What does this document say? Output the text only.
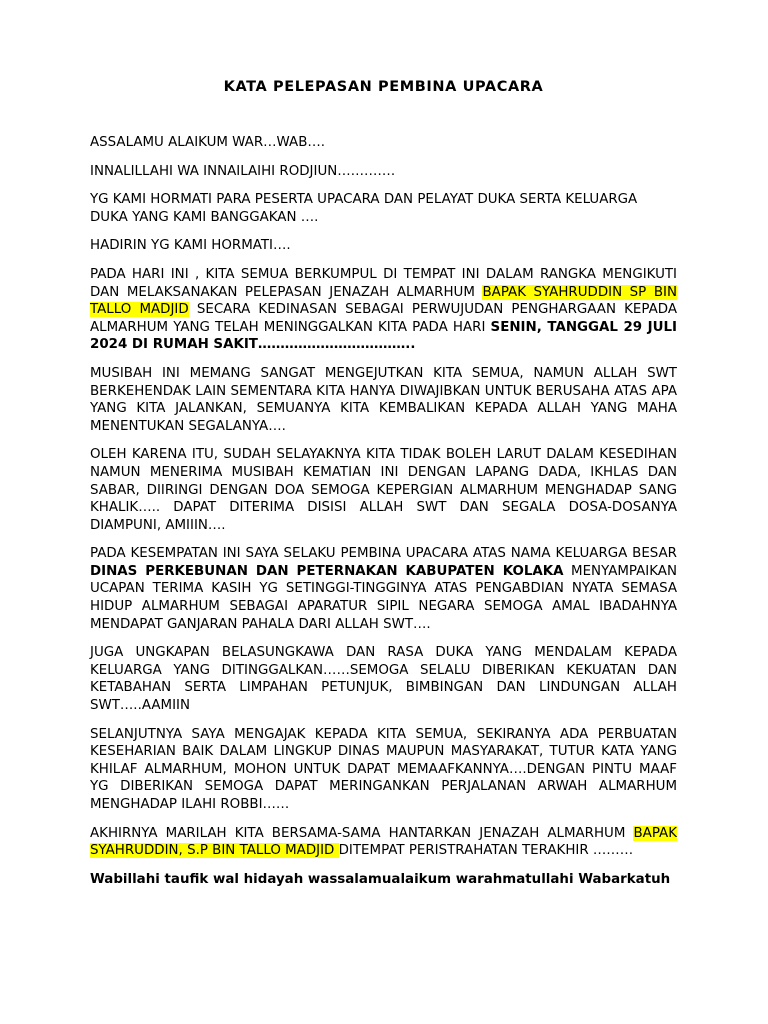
KATA PELEPASAN PEMBINA UPACARA

ASSALAMU ALAIKUM WAR…WAB….

INNALILLAHI WA INNAILAIHI RODJIUN………….

YG KAMI HORMATI PARA PESERTA UPACARA DAN PELAYAT DUKA SERTA KELUARGA DUKA YANG KAMI BANGGAKAN ….

HADIRIN YG KAMI HORMATI….

PADA HARI INI , KITA SEMUA BERKUMPUL DI TEMPAT INI DALAM RANGKA MENGIKUTI DAN MELAKSANAKAN PELEPASAN JENAZAH ALMARHUM BAPAK SYAHRUDDIN SP BIN TALLO MADJID SECARA KEDINASAN SEBAGAI PERWUJUDAN PENGHARGAAN KEPADA ALMARHUM YANG TELAH MENINGGALKAN KITA PADA HARI SENIN, TANGGAL 29 JULI 2024 DI RUMAH SAKIT……………………………..

MUSIBAH INI MEMANG SANGAT MENGEJUTKAN KITA SEMUA, NAMUN ALLAH SWT BERKEHENDAK LAIN SEMENTARA KITA HANYA DIWAJIBKAN UNTUK BERUSAHA ATAS APA YANG KITA JALANKAN, SEMUANYA KITA KEMBALIKAN KEPADA ALLAH YANG MAHA MENENTUKAN SEGALANYA….

OLEH KARENA ITU, SUDAH SELAYAKNYA KITA TIDAK BOLEH LARUT DALAM KESEDIHAN NAMUN MENERIMA MUSIBAH KEMATIAN INI DENGAN LAPANG DADA, IKHLAS DAN SABAR, DIIRINGI DENGAN DOA SEMOGA KEPERGIAN ALMARHUM MENGHADAP SANG KHALIK….. DAPAT DITERIMA DISISI ALLAH SWT DAN SEGALA DOSA-DOSANYA DIAMPUNI, AMIIIN….

PADA KESEMPATAN INI SAYA SELAKU PEMBINA UPACARA ATAS NAMA KELUARGA BESAR DINAS PERKEBUNAN DAN PETERNAKAN KABUPATEN KOLAKA MENYAMPAIKAN UCAPAN TERIMA KASIH YG SETINGGI-TINGGINYA ATAS PENGABDIAN NYATA SEMASA HIDUP ALMARHUM SEBAGAI APARATUR SIPIL NEGARA SEMOGA AMAL IBADAHNYA MENDAPAT GANJARAN PAHALA DARI ALLAH SWT….

JUGA UNGKAPAN BELASUNGKAWA DAN RASA DUKA YANG MENDALAM KEPADA KELUARGA YANG DITINGGALKAN……SEMOGA SELALU DIBERIKAN KEKUATAN DAN KETABAHAN SERTA LIMPAHAN PETUNJUK, BIMBINGAN DAN LINDUNGAN ALLAH SWT…..AAMIIN

SELANJUTNYA SAYA MENGAJAK KEPADA KITA SEMUA, SEKIRANYA ADA PERBUATAN KESEHARIAN BAIK DALAM LINGKUP DINAS MAUPUN MASYARAKAT, TUTUR KATA YANG KHILAF ALMARHUM, MOHON UNTUK DAPAT MEMAAFKANNYA….DENGAN PINTU MAAF YG DIBERIKAN SEMOGA DAPAT MERINGANKAN PERJALANAN ARWAH ALMARHUM MENGHADAP ILAHI ROBBI……

AKHIRNYA MARILAH KITA BERSAMA-SAMA HANTARKAN JENAZAH ALMARHUM BAPAK SYAHRUDDIN, S.P BIN TALLO MADJID DITEMPAT PERISTRAHATAN TERAKHIR ………

Wabillahi taufik wal hidayah wassalamualaikum warahmatullahi Wabarkatuh
